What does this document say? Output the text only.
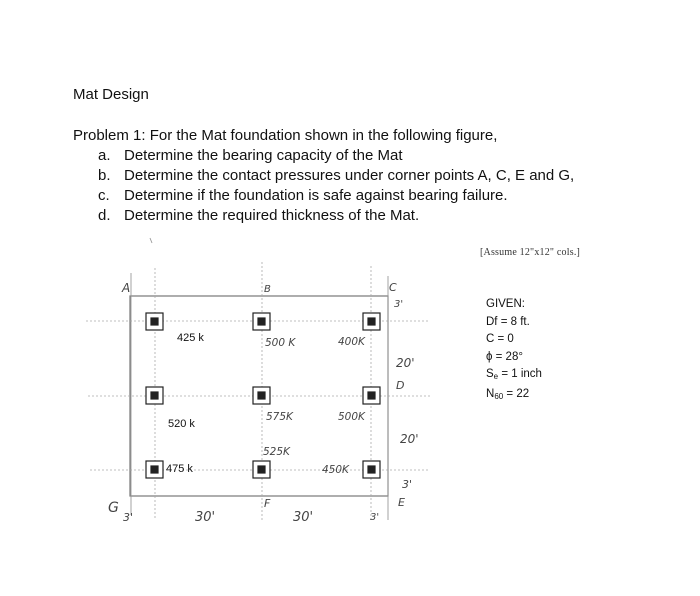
Mat Design
Problem 1: For the Mat foundation shown in the following figure,
a. Determine the bearing capacity of the Mat
b. Determine the contact pressures under corner points A, C, E and G,
c. Determine if the foundation is safe against bearing failure.
d. Determine the required thickness of the Mat.
[Assume 12"x12" cols.]
GIVEN:
Df = 8 ft.
C = 0
ϕ = 28°
$S_e = 1$ inch
$N_{60} = 22$
A	B	C
D
E
F
G
425 k
520 k
475 k
500 K	400K
575K	500K
525K
450K
3'
20'
20'
3'
3'	30'	30'	3'
